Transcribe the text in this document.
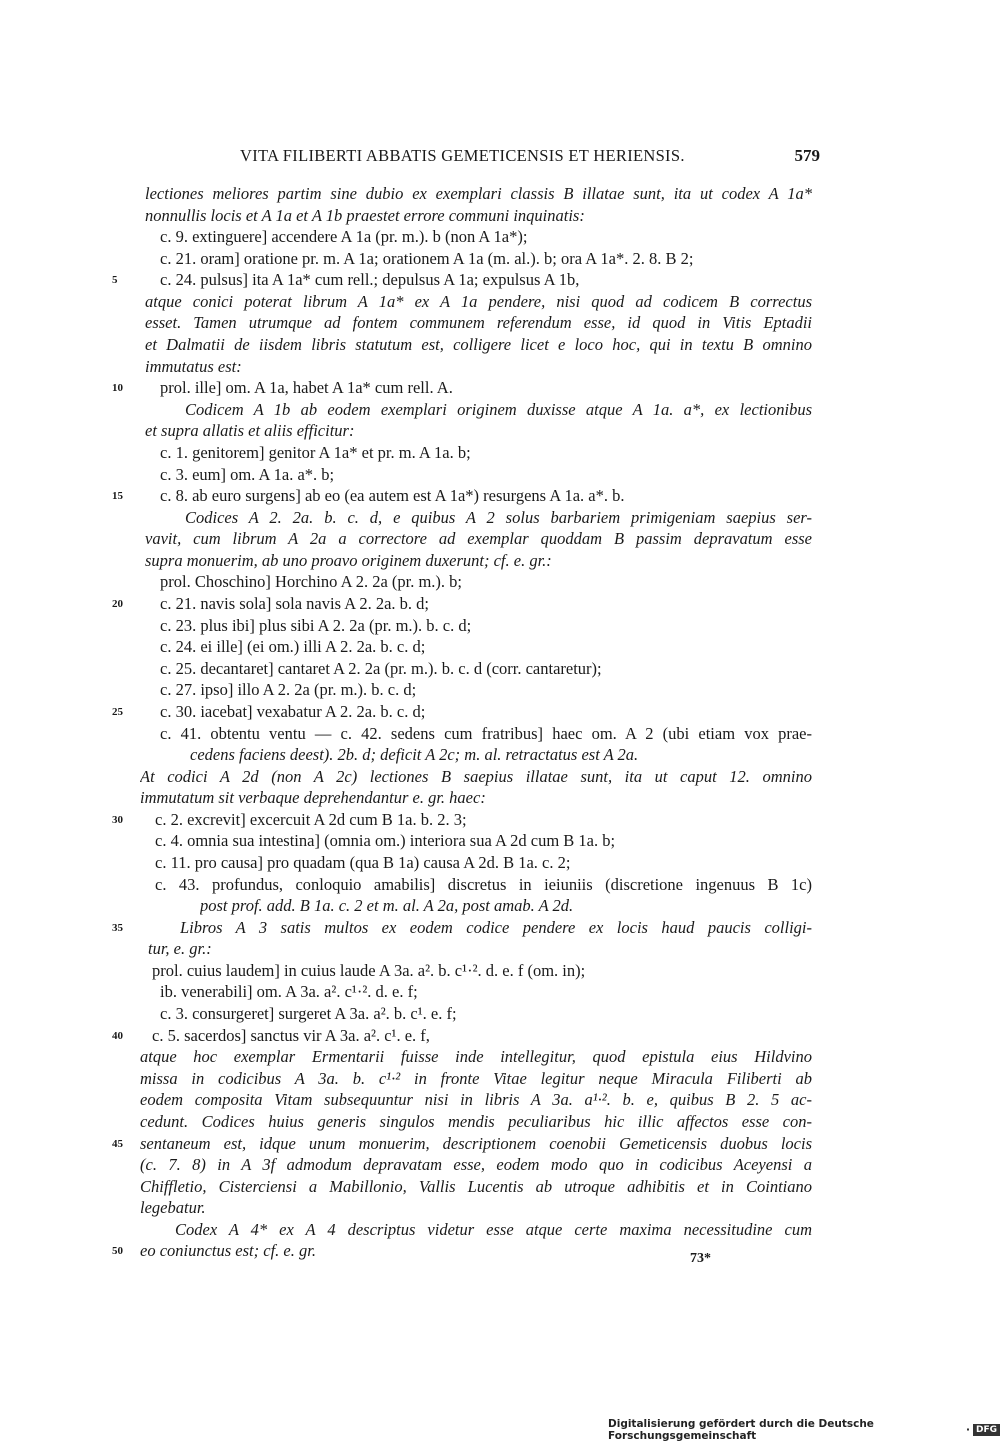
VITA FILIBERTI ABBATIS GEMETICENSIS ET HERIENSIS.	579
lectiones meliores partim sine dubio ex exemplari classis B illatae sunt, ita ut codex A 1a*
nonnullis locis et A 1a et A 1b praestet errore communi inquinatis:
c. 9. extinguere] accendere A 1a (pr. m.). b (non A 1a*);
c. 21. oram] oratione pr. m. A 1a; orationem A 1a (m. al.). b; ora A 1a*. 2. 8. B 2;
c. 24. pulsus] ita A 1a* cum rell.; depulsus A 1a; expulsus A 1b,
5
atque conici poterat librum A 1a* ex A 1a pendere, nisi quod ad codicem B correctus
esset. Tamen utrumque ad fontem communem referendum esse, id quod in Vitis Eptadii
et Dalmatii de iisdem libris statutum est, colligere licet e loco hoc, qui in textu B omnino
immutatus est:
prol. ille] om. A 1a, habet A 1a* cum rell. A.
10
Codicem A 1b ab eodem exemplari originem duxisse atque A 1a. a*, ex lectionibus
et supra allatis et aliis efficitur:
c. 1. genitorem] genitor A 1a* et pr. m. A 1a. b;
c. 3. eum] om. A 1a. a*. b;
c. 8. ab euro surgens] ab eo (ea autem est A 1a*) resurgens A 1a. a*. b.
15
Codices A 2. 2a. b. c. d, e quibus A 2 solus barbariem primigeniam saepius ser-
vavit, cum librum A 2a a correctore ad exemplar quoddam B passim depravatum esse
supra monuerim, ab uno proavo originem duxerunt; cf. e. gr.:
prol. Choschino] Horchino A 2. 2a (pr. m.). b;
c. 21. navis sola] sola navis A 2. 2a. b. d;
20
c. 23. plus ibi] plus sibi A 2. 2a (pr. m.). b. c. d;
c. 24. ei ille] (ei om.) illi A 2. 2a. b. c. d;
c. 25. decantaret] cantaret A 2. 2a (pr. m.). b. c. d (corr. cantaretur);
c. 27. ipso] illo A 2. 2a (pr. m.). b. c. d;
c. 30. iacebat] vexabatur A 2. 2a. b. c. d;
25
c. 41. obtentu ventu — c. 42. sedens cum fratribus] haec om. A 2 (ubi etiam vox prae-
cedens faciens deest). 2b. d; deficit A 2c; m. al. retractatus est A 2a.
At codici A 2d (non A 2c) lectiones B saepius illatae sunt, ita ut caput 12. omnino
immutatum sit verbaque deprehendantur e. gr. haec:
c. 2. excrevit] excercuit A 2d cum B 1a. b. 2. 3;
30
c. 4. omnia sua intestina] (omnia om.) interiora sua A 2d cum B 1a. b;
c. 11. pro causa] pro quadam (qua B 1a) causa A 2d. B 1a. c. 2;
c. 43. profundus, conloquio amabilis] discretus in ieiuniis (discretione ingenuus B 1c)
post prof. add. B 1a. c. 2 et m. al. A 2a, post amab. A 2d.
Libros A 3 satis multos ex eodem codice pendere ex locis haud paucis colligi-
35
tur, e. gr.:
prol. cuius laudem] in cuius laude A 3a. a². b. c¹·². d. e. f (om. in);
ib. venerabili] om. A 3a. a². c¹·². d. e. f;
c. 3. consurgeret] surgeret A 3a. a². b. c¹. e. f;
c. 5. sacerdos] sanctus vir A 3a. a². c¹. e. f,
40
atque hoc exemplar Ermentarii fuisse inde intellegitur, quod epistula eius Hildvino
missa in codicibus A 3a. b. c¹·² in fronte Vitae legitur neque Miracula Filiberti ab
eodem composita Vitam subsequuntur nisi in libris A 3a. a¹·². b. e, quibus B 2. 5 ac-
cedunt. Codices huius generis singulos mendis peculiaribus hic illic affectos esse con-
sentaneum est, idque unum monuerim, descriptionem coenobii Gemeticensis duobus locis
45
(c. 7. 8) in A 3f admodum depravatam esse, eodem modo quo in codicibus Aceyensi a
Chiffletio, Cisterciensi a Mabillonio, Vallis Lucentis ab utroque adhibitis et in Cointiano
legebatur.
Codex A 4* ex A 4 descriptus videtur esse atque certe maxima necessitudine cum
eo coniunctus est; cf. e. gr.
50	73*
Digitalisierung gefördert durch die Deutsche Forschungsgemeinschaft	· DFG
